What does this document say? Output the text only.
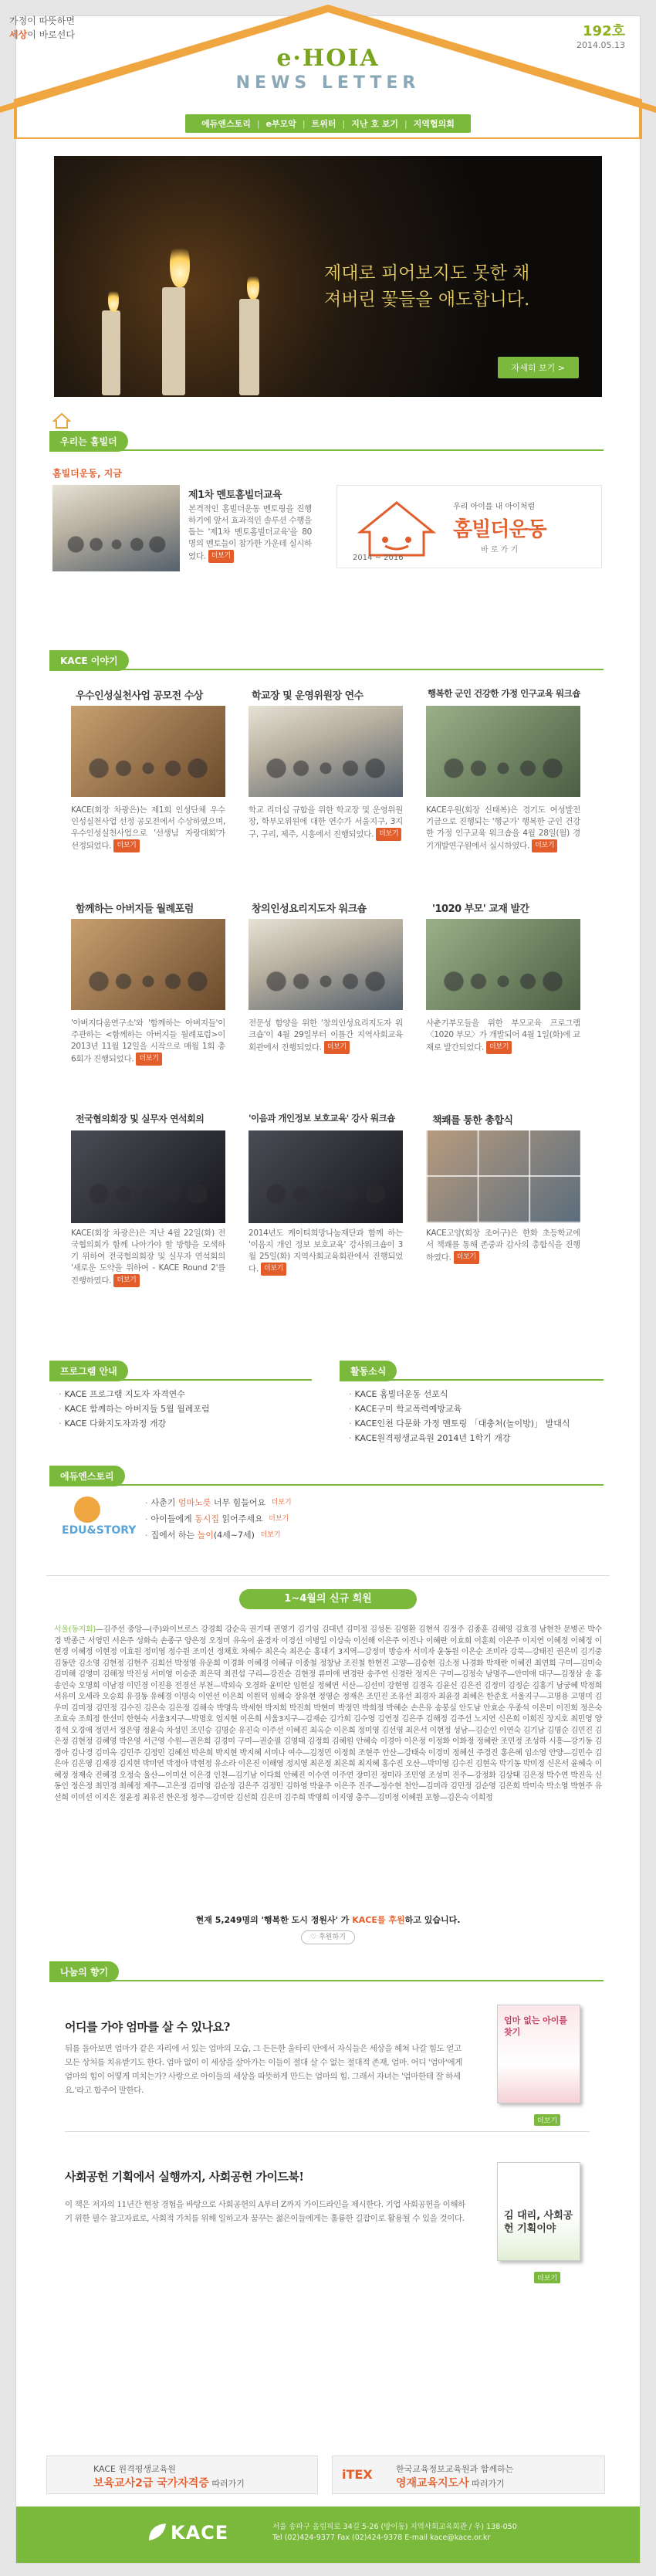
가정이 따뜻하면
세상이 바로선다	192호
2014.05.13
e·HOIA
NEWS LETTER
에듀앤스토리 | e부모악 | 트위터 | 지난 호 보기 | 지역협의회
제대로 피어보지도 못한 채
져버린 꽃들을 애도합니다.
자세히 보기 >
우리는 홈빌더
홈빌더운동, 지금
제1차 멘토홈빌더교육
본격적인 홈빌더운동 멘토링을 진행하기에 앞서 효과적인 솔루션 수행을 돕는 '제1차 멘토홈빌더교육'을 80명의 멘토들이 참가한 가운데 실시하였다. 더보기	2014 ~ 2016
우리 아이를 내 아이처럼
홈빌더운동
바 로 가 기
KACE 이야기
우수인성실천사업 공모전 수상
KACE(회장 차광은)는 제1회 인성단체 우수인성실천사업 선정 공모전에서 수상하였으며, 우수인성실천사업으로 '선생님 자랑대회'가 선정되었다. 더보기
학교장 및 운영위원장 연수
학교 리더십 규합을 위한 학교장 및 운영위원장, 학부모위원에 대한 연수가 서울지구, 3지구, 구리, 제주, 시흥에서 진행되었다. 더보기
행복한 군인 건강한 가정 인구교육 워크숍
KACE우원(회장 신태복)은 경기도 여성발전기금으로 진행되는 '행군가' 행복한 군인 건강한 가정 인구교육 워크숍을 4월 28일(월) 경기개발연구원에서 실시하였다. 더보기
함께하는 아버지들 월례포럼
'아버지다움연구소'와 '함께하는 아버지들'이 주관하는 <함께하는 아버지들 월례포럼>이 2013년 11월 12일을 시작으로 매월 1회 총 6회가 진행되었다. 더보기
창의인성요리지도자 워크숍
전문성 함양을 위한 '창의인성요리지도자 워크숍'이 4월 29일부터 이틀간 지역사회교육회관에서 진행되었다. 더보기
'1020 부모' 교재 발간
사춘기부모들을 위한 부모교육 프로그램 〈1020 부모〉가 개발되어 4월 1일(화)에 교재로 발간되었다. 더보기
전국협의회장 및 실무자 연석회의
KACE(회장 차광은)은 지난 4월 22일(화) 전국협의회가 함께 나아가야 할 방향을 모색하기 위하여 전국협의회장 및 실무자 연석회의 '새로운 도약을 위하여 - KACE Round 2'를 진행하였다. 더보기
'이음과 개인정보 보호교육' 강사 워크숍
2014년도 케이티희망나눔재단과 함께 하는 '이음지 개인 정보 보호교육' 강사워크숍이 3월 25일(화) 지역사회교육회관에서 진행되었다. 더보기
책쾌를 통한 총합식
KACE고양(회장 조여구)은 한화 초등학교에서 책쾌를 통해 존중과 감사의 총합식을 진행하였다. 더보기
프로그램 안내
· KACE 프로그램 지도자 자격연수
· KACE 함께하는 아버지들 5월 월례포럼
· KACE 다화지도자과정 개강
활동소식
· KACE 홈빌더운동 선포식
· KACE구미 학교폭력예방교육
· KACE인천 다문화 가정 멘토링 「대충처(놀이방)」 발대식
· KACE원격평생교육원 2014년 1학기 개강
에듀엔스토리
EDU&STORY
· 사춘기 엄마노릇 너무 힘들어요 더보기
· 아이들에게 동시집 읽어주세요 더보기
· 집에서 하는 놀이(4세~7세) 더보기
1~4월의 신규 회원
서울(동지회)—김주선 중앙—(주)와이브로스 강경희 강순옥 권기태 권영기 김기임 김대년 김미정 김성돈 김영환 김현석 김정주 김종훈 김해영 김효경 남현찬 문병곤 박수경 박종근 서영민 서은주 성화숙 손종구 양은정 오정미 유옥이 윤경자 이경선 이병일 이상숙 이선해 이은주 이진나 이혜란 이효희 이훈희 이은주 이지연 이혜정 이혜정 이현경 이혜정 이현정 이효원 정미영 정수원 조미선 정채호 차혜수 최은숙 최은순 홍대기 3지역—강정미 방승자 서미자 윤동원 이은순 조미라 강북—강태진 권은미 김기중 김동만 김소영 김현정 김현주 김희선 박정영 유운희 이경화 이혜경 이혜규 이종철 정창남 조진철 한현진 고양—김승현 김소정 나경화 박재란 이혜진 최연희 구미—김미숙 김미해 김영미 김해정 박진성 서미영 이승준 최은덕 최진섭 구리—강진순 김현정 류미애 변경란 송주연 신경란 정지은 구미—김정숙 남명주—안미애 대구—김정삼 송 홍 송인숙 오명희 이남경 이민경 이진용 전경선 부천—박외숙 오경화 윤미란 임현실 정혜연 서산—김선미 강현영 김경옥 김윤신 김은진 김정미 김정순 김홍기 남궁혜 박정희 서유미 오세라 오승희 유경동 유혜경 이명숙 이연선 이은희 이원덕 임해숙 장유현 정영순 정재은 조민진 조유선 최경자 최윤경 최혜은 한준호 서울지구—고명용 고명미 김우미 김미정 김민정 김수진 김은숙 김은정 김해숙 박명옥 박세현 박지희 박진희 박현미 박정민 박희정 박혜순 손은유 송봉실 안도남 안효순 우종석 이은미 이진희 정은숙 조효숙 조희정 한선미 한현숙 서울3지구—박명호 엄지현 이은희 서울3지구—김재순 김가희 김수영 김연정 김은주 김해정 김주선 노지연 신은희 이희진 장지호 최민영 양경석 오경애 정민서 정은영 정윤숙 차성민 조민승 김명순 유진숙 이주선 이혜진 최옥순 이은희 정미영 김선영 최은서 이현정 성남—김순인 이연숙 김기남 김명순 김민진 김은정 김현정 김혜영 박은영 서근영 수원—권은희 김경미 구미—권순필 김영태 김정희 김혜원 안혜숙 이경아 이은정 이정화 이화정 정혜란 조민정 조성하 시흥—강기동 김경아 김나경 김미옥 김민주 김정민 김혜선 박은희 박지현 박지혜 서미나 여수—김정민 이정희 조현주 안산—강태숙 이경미 정혜선 주경진 홍은혜 임소영 안양—김민수 김은아 김은영 김재경 김지현 박미연 박정아 박현정 유소라 이은진 이해영 정지영 최은정 최은희 최지혜 홍수진 오산—박미영 김수진 김현옥 박기동 박미정 신은서 윤혜숙 이혜정 정재숙 진혜경 오정숙 울산—이미선 이은경 인천—김기남 이다희 안혜진 이수연 이주연 장미진 정미라 조민영 조성미 진주—강정화 김상태 김은정 박수연 박진옥 신동인 정은정 최민경 최혜정 제주—고은정 김미영 김순정 김은주 김정민 김하영 박윤주 이은주 진주—정수현 천안—김미라 김민정 김순영 김은희 박미숙 박소영 박현주 유선희 이미선 이지은 정윤정 최유진 한은정 청주—강미란 김선희 김은미 김주희 박명희 이지영 충주—김미정 이혜원 포항—김은숙 이희정
현재 5,249명의 '행복한 도시 정원사' 가 KACE를 후원하고 있습니다.
♡ 후원하기
나눔의 향기
어디를 가야 엄마를 살 수 있나요?
뒤를 돌아보면 엄마가 같은 자리에 서 있는 엄마의 모습, 그 든든한 울타리 안에서 자식들은 세상을 헤쳐 나갈 힘도 얻고 모든 상처를 치유받기도 한다. 엄마 없이 이 세상을 살아가는 이들이 절대 살 수 없는 절대적 존재, 엄마. 어디 '엄마'에게 엄마의 힘이 어떻게 미치는가? 사랑으로 아이들의 세상을 따뜻하게 만드는 엄마의 힘. 그래서 자녀는 '엄마한테 잘 하세요.'라고 합주어 말한다.
엄마 없는 아이를 찾기
더보기
사회공헌 기획에서 실행까지, 사회공헌 가이드북!
이 책은 저자의 11년간 현장 경험을 바탕으로 사회공헌의 A부터 Z까지 가이드라인을 제시한다. 기업 사회공헌을 이해하기 위한 필수 참고자료로, 사회적 가치를 위해 일하고자 꿈꾸는 젊은이들에게는 훌륭한 길잡이로 활용될 수 있을 것이다.	김 대리, 사회공헌 기획이야
더보기
KACE 원격평생교육원
보육교사2급 국가자격증 따러가기
iTEX	한국교육정보교육원과 함께하는
영재교육지도사 따러가기
KACE	서울 송파구 올림픽로 34길 5-26 (방이동) 지역사회교육회관 / 우) 138-050
Tel (02)424-9377 Fax (02)424-9378 E-mail kace@kace.or.kr
